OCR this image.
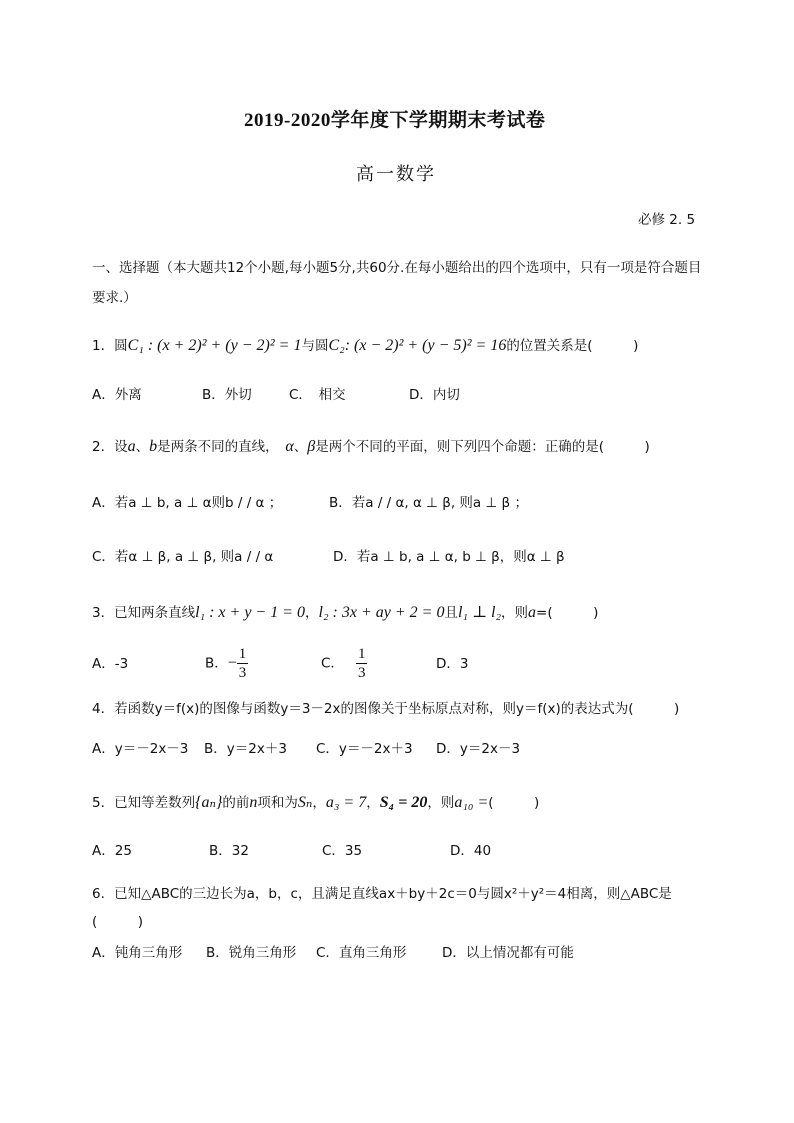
2019-2020学年度下学期期末考试卷
高一数学
必修 2. 5
一、选择题（本大题共12个小题,每小题5分,共60分.在每小题给出的四个选项中，只有一项是符合题目要求.）
1．圆C₁ : (x + 2)² + (y − 2)² = 1与圆C₂: (x − 2)² + (y − 5)² = 16的位置关系是(　　　)
A．外离	B．外切	C．　相交	D．内切
2．设a、b是两条不同的直线，　α、β是两个不同的平面，则下列四个命题：正确的是(　　　)
A．若a ⊥ b, a ⊥ α则b / / α ；	B．若a / / α, α ⊥ β, 则a ⊥ β ；
C．若α ⊥ β, a ⊥ β, 则a / / α	D．若a ⊥ b, a ⊥ α, b ⊥ β，则α ⊥ β
3．已知两条直线l₁ : x + y − 1 = 0，l₂ : 3x + ay + 2 = 0且l₁ ⊥ l₂，则a=(　　　)
A．-3	B．− $\frac{1}{3}$	C． $\frac{1}{3}$	D．3
4．若函数y＝f(x)的图像与函数y＝3－2x的图像关于坐标原点对称，则y＝f(x)的表达式为(　　　)
A．y＝－2x－3 B．y＝2x＋3 C．y＝－2x＋3 D．y＝2x－3
5．已知等差数列{aₙ}的前n项和为Sₙ，a₃ = 7，S₄ = 20，则a₁₀ =(　　　)
A．25	B．32	C．35	D．40
6．已知△ABC的三边长为a，b，c，且满足直线ax＋by＋2c＝0与圆x²＋y²＝4相离，则△ABC是(　　　)
A．钝角三角形 B．锐角三角形 C．直角三角形	D．以上情况都有可能
